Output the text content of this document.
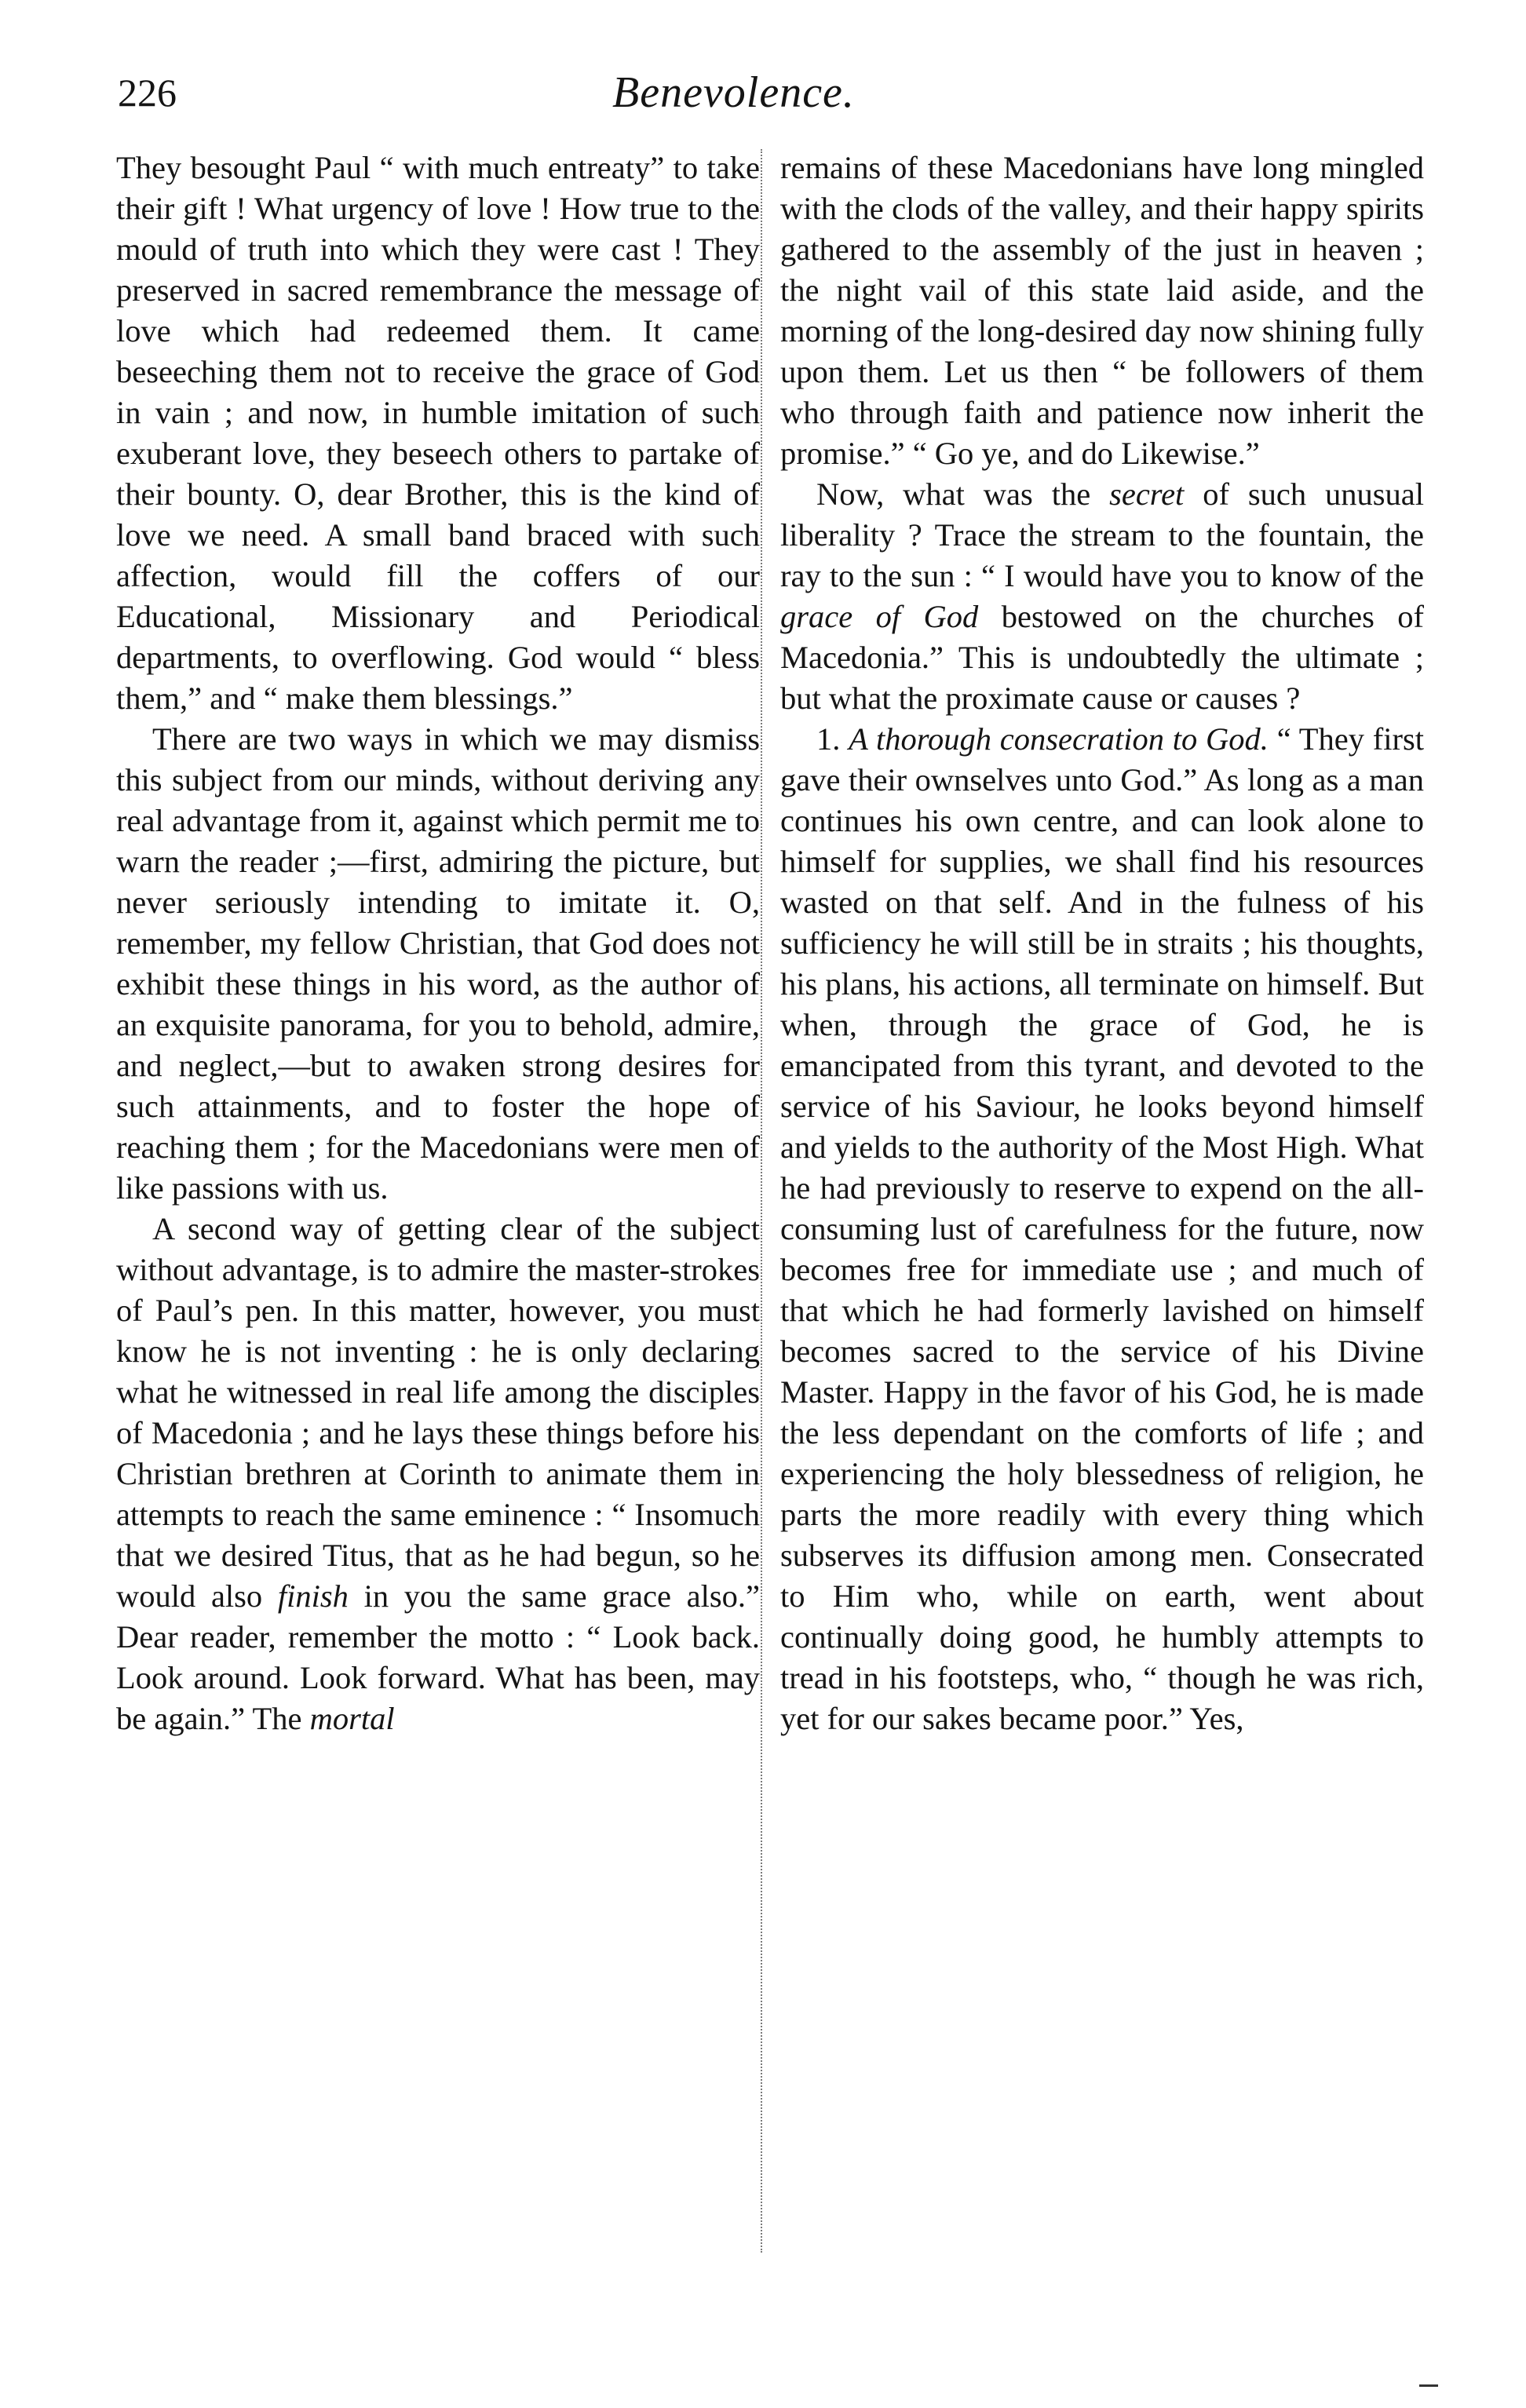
226	Benevolence.

They besought Paul “ with much entreaty” to take their gift ! What urgency of love ! How true to the mould of truth into which they were cast ! They preserved in sacred remembrance the message of love which had redeemed them. It came beseeching them not to receive the grace of God in vain ; and now, in humble imitation of such exuberant love, they beseech others to partake of their bounty. O, dear Brother, this is the kind of love we need. A small band braced with such affection, would fill the coffers of our Educational, Missionary and Periodical departments, to overflowing. God would “ bless them,” and “ make them blessings.”

There are two ways in which we may dismiss this subject from our minds, without deriving any real advantage from it, against which permit me to warn the reader ;—first, admiring the picture, but never seriously intending to imitate it. O, remember, my fellow Christian, that God does not exhibit these things in his word, as the author of an exquisite panorama, for you to behold, admire, and neglect,—but to awaken strong desires for such attainments, and to foster the hope of reaching them ; for the Macedonians were men of like passions with us.

A second way of getting clear of the subject without advantage, is to admire the master-strokes of Paul’s pen. In this matter, however, you must know he is not inventing : he is only declaring what he witnessed in real life among the disciples of Macedonia ; and he lays these things before his Christian brethren at Corinth to animate them in attempts to reach the same eminence : “ Insomuch that we desired Titus, that as he had begun, so he would also finish in you the same grace also.” Dear reader, remember the motto : “ Look back. Look around. Look forward. What has been, may be again.” The mortal

remains of these Macedonians have long mingled with the clods of the valley, and their happy spirits gathered to the assembly of the just in heaven ; the night vail of this state laid aside, and the morning of the long-desired day now shining fully upon them. Let us then “ be followers of them who through faith and patience now inherit the promise.” “ Go ye, and do Likewise.”

Now, what was the secret of such unusual liberality ? Trace the stream to the fountain, the ray to the sun : “ I would have you to know of the grace of God bestowed on the churches of Macedonia.” This is undoubtedly the ultimate ; but what the proximate cause or causes ?

1. A thorough consecration to God. “ They first gave their ownselves unto God.” As long as a man continues his own centre, and can look alone to himself for supplies, we shall find his resources wasted on that self. And in the fulness of his sufficiency he will still be in straits ; his thoughts, his plans, his actions, all terminate on himself. But when, through the grace of God, he is emancipated from this tyrant, and devoted to the service of his Saviour, he looks beyond himself and yields to the authority of the Most High. What he had previously to reserve to expend on the all-consuming lust of carefulness for the future, now becomes free for immediate use ; and much of that which he had formerly lavished on himself becomes sacred to the service of his Divine Master. Happy in the favor of his God, he is made the less dependant on the comforts of life ; and experiencing the holy blessedness of religion, he parts the more readily with every thing which subserves its diffusion among men. Consecrated to Him who, while on earth, went about continually doing good, he humbly attempts to tread in his footsteps, who, “ though he was rich, yet for our sakes became poor.” Yes,
